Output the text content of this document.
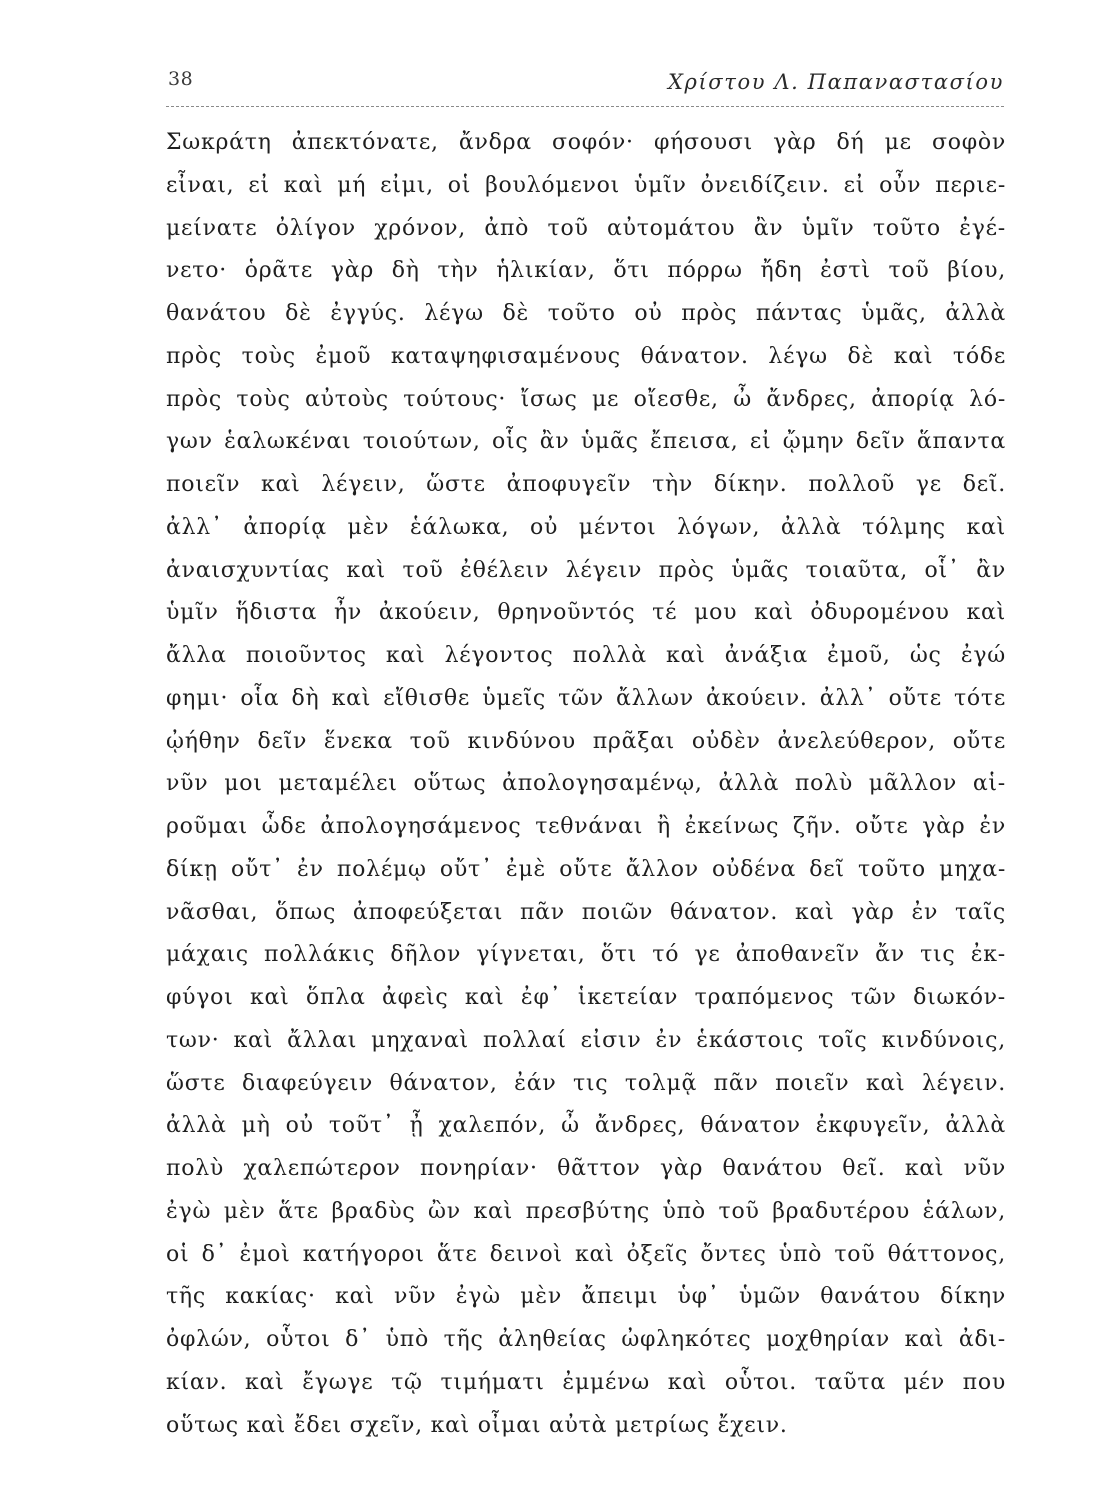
38	Χρίστου Λ. Παπαναστασίου
Σωκράτη ἀπεκτόνατε, ἄνδρα σοφόν· φήσουσι γὰρ δή με σοφὸν
εἶναι, εἰ καὶ μή εἰμι, οἱ βουλόμενοι ὑμῖν ὀνειδίζειν. εἰ οὖν περιε-
μείνατε ὀλίγον χρόνον, ἀπὸ τοῦ αὐτομάτου ἂν ὑμῖν τοῦτο ἐγέ-
νετο· ὁρᾶτε γὰρ δὴ τὴν ἡλικίαν, ὅτι πόρρω ἤδη ἐστὶ τοῦ βίου,
θανάτου δὲ ἐγγύς. λέγω δὲ τοῦτο οὐ πρὸς πάντας ὑμᾶς, ἀλλὰ
πρὸς τοὺς ἐμοῦ καταψηφισαμένους θάνατον. λέγω δὲ καὶ τόδε
πρὸς τοὺς αὐτοὺς τούτους· ἴσως με οἴεσθε, ὦ ἄνδρες, ἀπορίᾳ λό-
γων ἑαλωκέναι τοιούτων, οἷς ἂν ὑμᾶς ἔπεισα, εἰ ᾤμην δεῖν ἅπαντα
ποιεῖν καὶ λέγειν, ὥστε ἀποφυγεῖν τὴν δίκην. πολλοῦ γε δεῖ.
ἀλλ᾽ ἀπορίᾳ μὲν ἑάλωκα, οὐ μέντοι λόγων, ἀλλὰ τόλμης καὶ
ἀναισχυντίας καὶ τοῦ ἐθέλειν λέγειν πρὸς ὑμᾶς τοιαῦτα, οἷ᾽ ἂν
ὑμῖν ἥδιστα ἦν ἀκούειν, θρηνοῦντός τέ μου καὶ ὀδυρομένου καὶ
ἄλλα ποιοῦντος καὶ λέγοντος πολλὰ καὶ ἀνάξια ἐμοῦ, ὡς ἐγώ
φημι· οἷα δὴ καὶ εἴθισθε ὑμεῖς τῶν ἄλλων ἀκούειν. ἀλλ᾽ οὔτε τότε
ᾠήθην δεῖν ἕνεκα τοῦ κινδύνου πρᾶξαι οὐδὲν ἀνελεύθερον, οὔτε
νῦν μοι μεταμέλει οὕτως ἀπολογησαμένῳ, ἀλλὰ πολὺ μᾶλλον αἱ-
ροῦμαι ὧδε ἀπολογησάμενος τεθνάναι ἢ ἐκείνως ζῆν. οὔτε γὰρ ἐν
δίκῃ οὔτ᾽ ἐν πολέμῳ οὔτ᾽ ἐμὲ οὔτε ἄλλον οὐδένα δεῖ τοῦτο μηχα-
νᾶσθαι, ὅπως ἀποφεύξεται πᾶν ποιῶν θάνατον. καὶ γὰρ ἐν ταῖς
μάχαις πολλάκις δῆλον γίγνεται, ὅτι τό γε ἀποθανεῖν ἄν τις ἐκ-
φύγοι καὶ ὅπλα ἀφεὶς καὶ ἐφ᾽ ἱκετείαν τραπόμενος τῶν διωκόν-
των· καὶ ἄλλαι μηχαναὶ πολλαί εἰσιν ἐν ἑκάστοις τοῖς κινδύνοις,
ὥστε διαφεύγειν θάνατον, ἐάν τις τολμᾷ πᾶν ποιεῖν καὶ λέγειν.
ἀλλὰ μὴ οὐ τοῦτ᾽ ᾖ χαλεπόν, ὦ ἄνδρες, θάνατον ἐκφυγεῖν, ἀλλὰ
πολὺ χαλεπώτερον πονηρίαν· θᾶττον γὰρ θανάτου θεῖ. καὶ νῦν
ἐγὼ μὲν ἅτε βραδὺς ὢν καὶ πρεσβύτης ὑπὸ τοῦ βραδυτέρου ἑάλων,
οἱ δ᾽ ἐμοὶ κατήγοροι ἅτε δεινοὶ καὶ ὀξεῖς ὄντες ὑπὸ τοῦ θάττονος,
τῆς κακίας· καὶ νῦν ἐγὼ μὲν ἄπειμι ὑφ᾽ ὑμῶν θανάτου δίκην
ὀφλών, οὗτοι δ᾽ ὑπὸ τῆς ἀληθείας ὠφληκότες μοχθηρίαν καὶ ἀδι-
κίαν. καὶ ἔγωγε τῷ τιμήματι ἐμμένω καὶ οὗτοι. ταῦτα μέν που
οὕτως καὶ ἔδει σχεῖν, καὶ οἶμαι αὐτὰ μετρίως ἔχειν.
